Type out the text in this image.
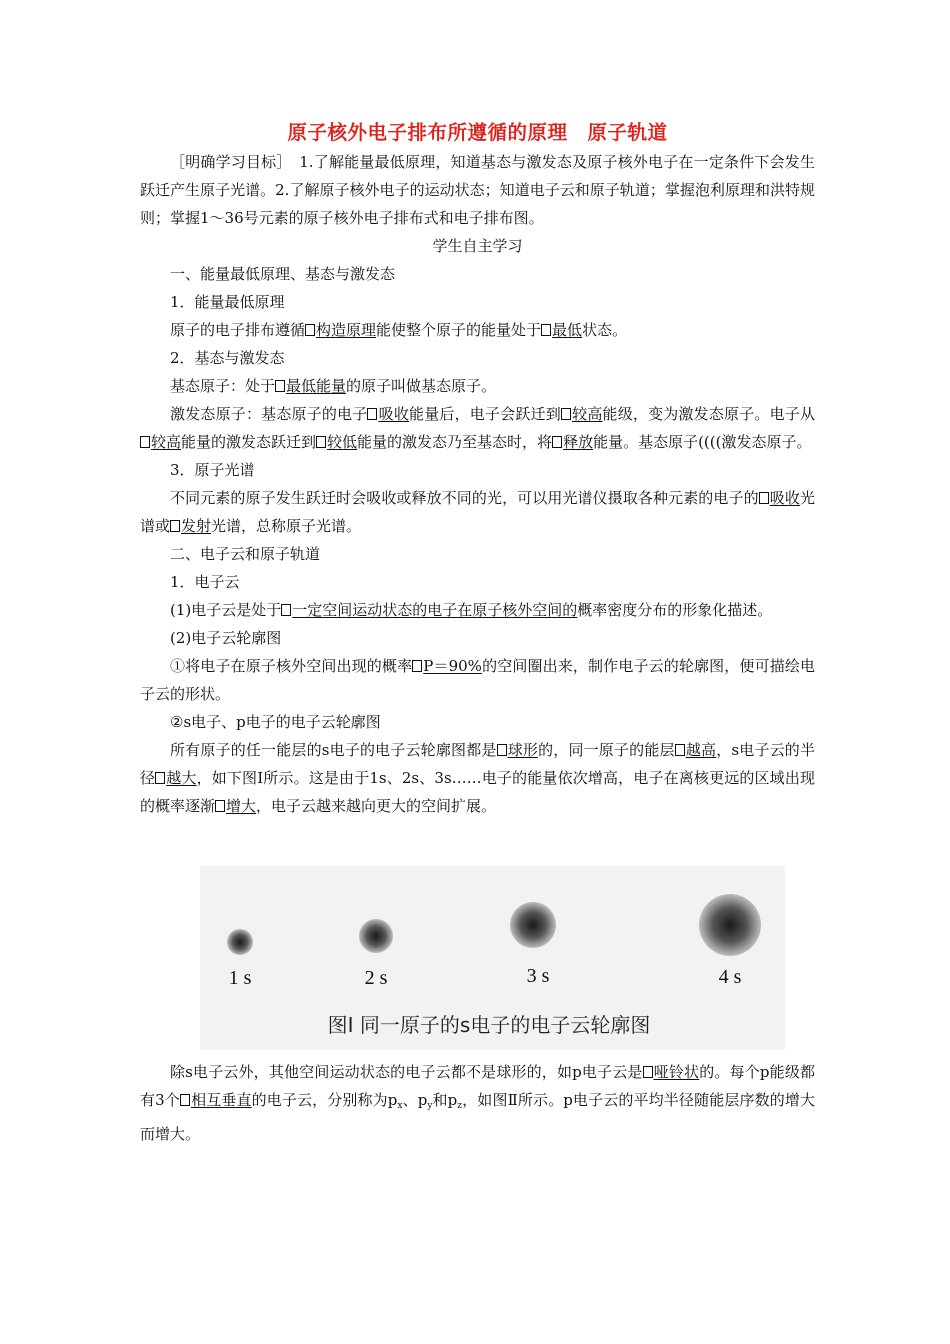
原子核外电子排布所遵循的原理　原子轨道

［明确学习目标］　1.了解能量最低原理，知道基态与激发态及原子核外电子在一定条件下会发生跃迁产生原子光谱。2.了解原子核外电子的运动状态；知道电子云和原子轨道；掌握泡利原理和洪特规则；掌握1～36号元素的原子核外电子排布式和电子排布图。

学生自主学习

一、能量最低原理、基态与激发态

1．能量最低原理

原子的电子排布遵循 构造原理能使整个原子的能量处于 最低状态。

2．基态与激发态

基态原子：处于 最低能量的原子叫做基态原子。

激发态原子：基态原子的电子 吸收能量后，电子会跃迁到 较高能级，变为激发态原子。电子从较高能量的激发态跃迁到 较低能量的激发态乃至基态时，将 释放能量。基态原子((((激发态原子。

3．原子光谱

不同元素的原子发生跃迁时会吸收或释放不同的光，可以用光谱仪摄取各种元素的电子的 吸收光谱或 发射光谱，总称原子光谱。

二、电子云和原子轨道

1．电子云

(1)电子云是处于 一定空间运动状态的电子在原子核外空间的概率密度分布的形象化描述。

(2)电子云轮廓图

①将电子在原子核外空间出现的概率 P＝90%的空间圈出来，制作电子云的轮廓图，便可描绘电子云的形状。

②s电子、p电子的电子云轮廓图

所有原子的任一能层的s电子的电子云轮廓图都是 球形的，同一原子的能层 越高，s电子云的半径 越大，如下图Ⅰ所示。这是由于1s、2s、3s……电子的能量依次增高，电子在离核更远的区域出现的概率逐渐 增大，电子云越来越向更大的空间扩展。

1 s	2 s	3 s	4 s
图Ⅰ 同一原子的s电子的电子云轮廓图

除s电子云外，其他空间运动状态的电子云都不是球形的，如p电子云是 哑铃状的。每个p能级都有3个 相互垂直的电子云，分别称为$p_x$、$p_y$和$p_z$，如图Ⅱ所示。p电子云的平均半径随能层序数的增大而增大。
